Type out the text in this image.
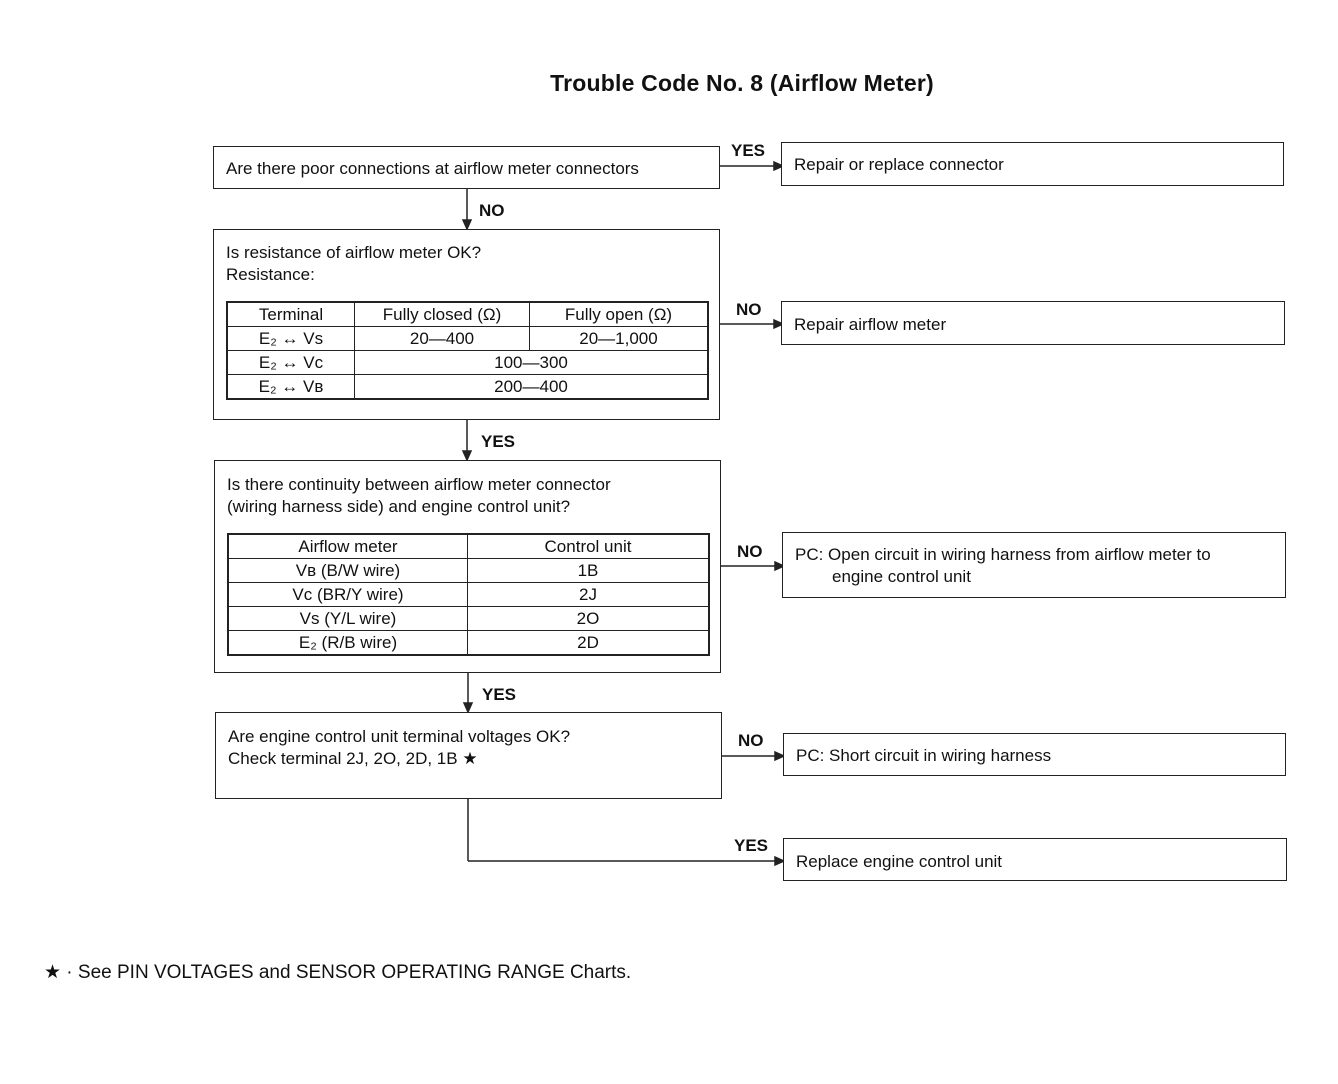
Trouble Code No. 8 (Airflow Meter)
YES
NO
NO
YES
NO
YES
NO
YES
Are there poor connections at airflow meter connectors
Is resistance of airflow meter OK?
Resistance:
Terminal	Fully closed (Ω)	Fully open (Ω)
E₂ ↔ Vs	20—400	20—1,000
E₂ ↔ Vc	100—300	
E₂ ↔ Vв	200—400	
Is there continuity between airflow meter connector
(wiring harness side) and engine control unit?
Airflow meter	Control unit
Vв (B/W wire)	1B
Vc (BR/Y wire)	2J
Vs (Y/L wire)	2O
E₂ (R/B wire)	2D
Are engine control unit terminal voltages OK?
Check terminal 2J, 2O, 2D, 1B ★
Repair or replace connector
Repair airflow meter
PC: Open circuit in wiring harness from airflow meter to
engine control unit
PC: Short circuit in wiring harness
Replace engine control unit
★ · See PIN VOLTAGES and SENSOR OPERATING RANGE Charts.
